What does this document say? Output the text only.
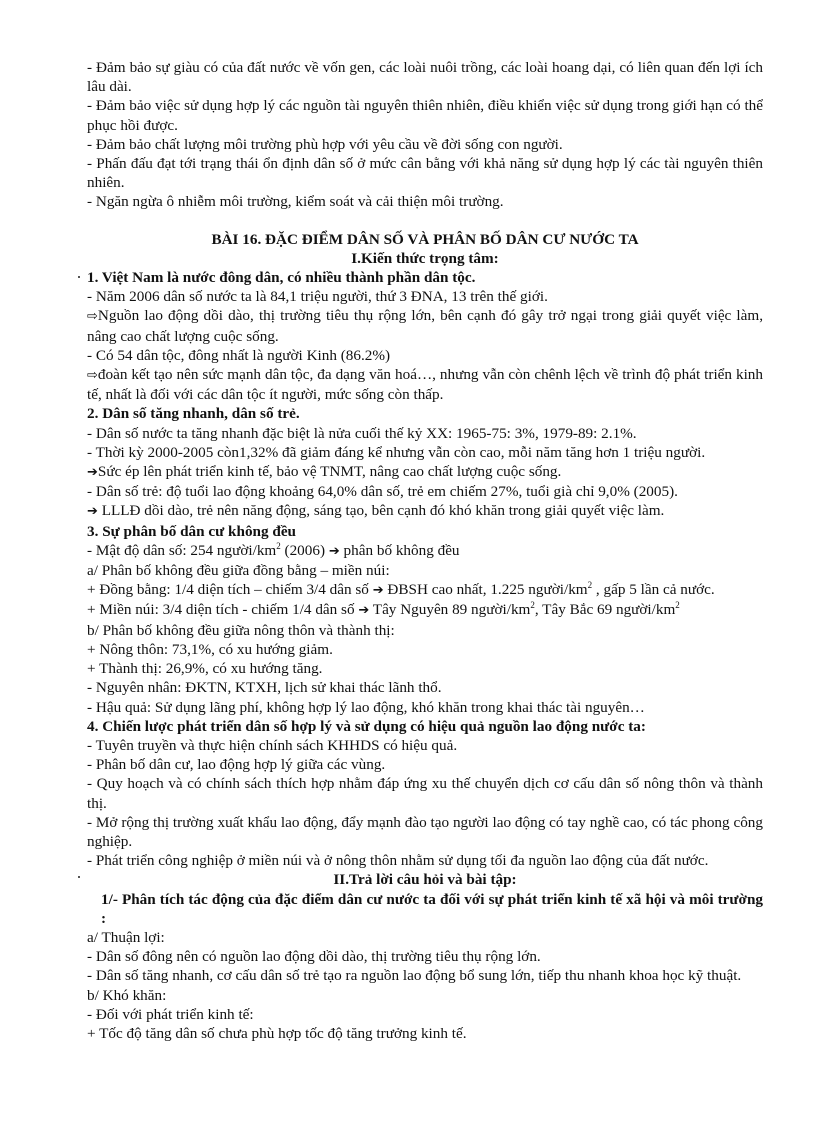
- Đảm bảo sự giàu có của đất nước về vốn gen, các loài nuôi trồng, các loài hoang dại, có liên quan đến lợi ích lâu dài.

- Đảm bảo việc sử dụng hợp lý các nguồn tài nguyên thiên nhiên, điều khiển việc sử dụng trong giới hạn có thể phục hồi được.

- Đảm bảo chất lượng môi trường phù hợp với yêu cầu về đời sống con người.

- Phấn đấu đạt tới trạng thái ổn định dân số ở mức cân bằng với khả năng sử dụng hợp lý các tài nguyên thiên nhiên.

- Ngăn ngừa ô nhiễm môi trường, kiểm soát và cải thiện môi trường.

BÀI 16. ĐẶC ĐIỂM DÂN SỐ VÀ PHÂN BỐ DÂN CƯ NƯỚC TA

I.Kiến thức trọng tâm:

1. Việt Nam là nước đông dân, có nhiều thành phần dân tộc.

- Năm 2006 dân số nước ta là 84,1 triệu người, thứ 3 ĐNA, 13 trên thế giới.

⇨Nguồn lao động dồi dào, thị trường tiêu thụ rộng lớn, bên cạnh đó gây trở ngại trong giải quyết việc làm, nâng cao chất lượng cuộc sống.

- Có 54 dân tộc, đông nhất là người Kinh (86.2%)

⇨đoàn kết tạo nên sức mạnh dân tộc, đa dạng văn hoá…, nhưng vẫn còn chênh lệch về trình độ phát triển kinh tế, nhất là đối với các dân tộc ít người, mức sống còn thấp.

2. Dân số tăng nhanh, dân số trẻ.

- Dân số nước ta tăng nhanh đặc biệt là nửa cuối thế kỷ XX: 1965-75: 3%, 1979-89: 2.1%.

- Thời kỳ 2000-2005 còn1,32% đã giảm đáng kể nhưng vẫn còn cao, mỗi năm tăng hơn 1 triệu người.

➔Sức ép lên phát triển kinh tế, bảo vệ TNMT, nâng cao chất lượng cuộc sống.

- Dân số trẻ: độ tuổi lao động khoảng 64,0% dân số, trẻ em chiếm 27%, tuổi già chỉ 9,0% (2005).

➔ LLLĐ dồi dào, trẻ nên năng động, sáng tạo, bên cạnh đó khó khăn trong giải quyết việc làm.

3. Sự phân bố dân cư không đều

- Mật độ dân số: 254 người/$km^2$ (2006) ➔ phân bố không đều

a/ Phân bố không đều giữa đồng bằng – miền núi:

+ Đồng bằng: 1/4 diện tích – chiếm 3/4 dân số ➔ ĐBSH cao nhất, 1.225 người/$km^2$ , gấp 5 lần cả nước.

+ Miền núi: 3/4 diện tích - chiếm 1/4 dân số ➔ Tây Nguyên 89 người/$km^2$, Tây Bắc 69 người/$km^2$

b/ Phân bố không đều giữa nông thôn và thành thị:

+ Nông thôn: 73,1%, có xu hướng giảm.

+ Thành thị: 26,9%, có xu hướng tăng.

- Nguyên nhân: ĐKTN, KTXH, lịch sử khai thác lãnh thổ.

- Hậu quả: Sử dụng lãng phí, không hợp lý lao động, khó khăn trong khai thác tài nguyên…

4. Chiến lược phát triển dân số hợp lý và sử dụng có hiệu quả nguồn lao động nước ta:

- Tuyên truyền và thực hiện chính sách KHHDS có hiệu quả.

- Phân bố dân cư, lao động hợp lý giữa các vùng.

- Quy hoạch và có chính sách thích hợp nhằm đáp ứng xu thế chuyển dịch cơ cấu dân số nông thôn và thành thị.

- Mở rộng thị trường xuất khẩu lao động, đẩy mạnh đào tạo người lao động có tay nghề cao, có tác phong công nghiệp.

- Phát triển công nghiệp ở miền núi và ở nông thôn nhằm sử dụng tối đa nguồn lao động của đất nước.

II.Trả lời câu hỏi và bài tập:

1/- Phân tích tác động của đặc điểm dân cư nước ta đối với sự phát triển kinh tế xã hội và môi trường :

a/ Thuận lợi:

- Dân số đông nên có nguồn lao động dồi dào, thị trường tiêu thụ rộng lớn.

- Dân số tăng nhanh, cơ cấu dân số trẻ tạo ra nguồn lao động bổ sung lớn, tiếp thu nhanh khoa học kỹ thuật.

b/ Khó khăn:

- Đối với phát triển kinh tế:

+ Tốc độ tăng dân số chưa phù hợp tốc độ tăng trưởng kinh tế.
